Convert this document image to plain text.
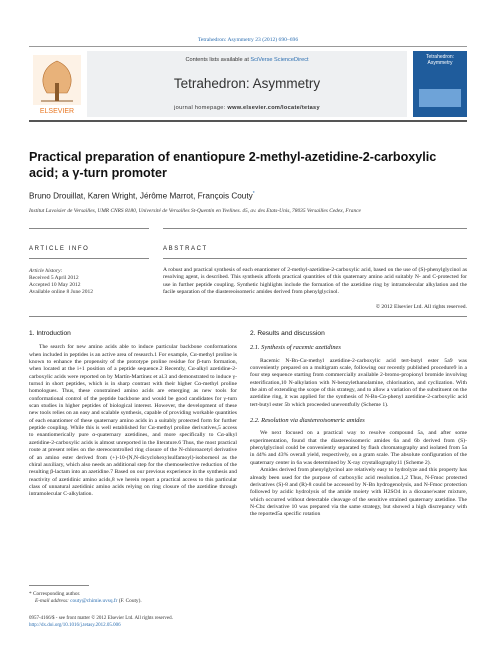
Tetrahedron: Asymmetry 23 (2012) 690–696
ELSEVIER
Contents lists available at SciVerse ScienceDirect
Tetrahedron: Asymmetry
journal homepage: www.elsevier.com/locate/tetasy
Tetrahedron: Asymmetry
Practical preparation of enantiopure 2-methyl-azetidine-2-carboxylic acid; a γ-turn promoter
Bruno Drouillat, Karen Wright, Jérôme Marrot, François Couty*
Institut Lavoisier de Versailles, UMR CNRS 8180, Université de Versailles St-Quentin en Yvelines. 45, av. des Etats-Unis, 78035 Versailles Cedex, France
ARTICLE INFO	ABSTRACT
Article history:
Received 5 April 2012
Accepted 10 May 2012
Available online 8 June 2012
A robust and practical synthesis of each enantiomer of 2-methyl-azetidine-2-carboxylic acid, based on the use of (S)-phenylglycinol as resolving agent, is described. This synthesis affords practical quantities of this quaternary amino acid suitably N- and C-protected for use in further peptide coupling. Synthetic highlights include the formation of the azetidine ring by intramolecular alkylation and the facile separation of the diastereoisomeric amides derived from phenylglycinol.
© 2012 Elsevier Ltd. All rights reserved.
1. Introduction

The search for new amino acids able to induce particular backbone conformations when included in peptides is an active area of research.1 For example, Cα-methyl proline is known to enhance the propensity of the prototype proline residue for β-turn formation, when located at the i+1 position of a peptide sequence.2 Recently, Cα-alkyl azetidine-2-carboxylic acids were reported on by Martín-Martínez et al.3 and demonstrated to induce γ-turns4 in short peptides, which is in sharp contrast with their higher Cα-methyl proline homologues. Thus, these constrained amino acids are emerging as new tools for conformational control of the peptide backbone and would be good candidates for γ-turn scan studies in higher peptides of biological interest. However, the development of these new tools relies on an easy and scalable synthesis, capable of providing workable quantities of each enantiomer of these quaternary amino acids in a suitably protected form for further peptide coupling. While this is well established for Cα-methyl proline derivatives,5 access to enantiomerically pure α-quaternary azetidines, and more specifically to Cα-alkyl azetidine-2-carboxylic acids is almost unreported in the literature.6 Thus, the most practical route at present relies on the stereocontrolled ring closure of the N-chloroacetyl derivative of an amino ester derived from (+)-10-(N,N-dicyclohexylsulfamoyl)-isoborneol as the chiral auxiliary, which also needs an additional step for the chemoselective reduction of the resulting β-lactam into an azetidine.7 Based on our previous experience in the synthesis and reactivity of azetidinic amino acids,8 we herein report a practical access to this particular class of unnatural azetidinic amino acids relying on ring closure of the azetidine through intramolecular C-alkylation.

2. Results and discussion
2.1. Synthesis of racemic azetidines

Racemic N-Bn-Cα-methyl azetidine-2-carboxylic acid tert-butyl ester 5a9 was conveniently prepared on a multigram scale, following our recently published procedure9 in a four step sequence starting from commercially available 2-bromo-propionyl bromide involving esterification,10 N-alkylation with N-benzylethanolamine, chlorination, and cyclization. With the aim of extending the scope of this strategy, and to allow a variation of the substituent on the azetidine ring, it was applied for the synthesis of N-Bn-Cα-phenyl azetidine-2-carboxylic acid tert-butyl ester 5b which proceeded uneventfully (Scheme 1).

2.2. Resolution via diastereoisomeric amides

We next focused on a practical way to resolve compound 5a, and after some experimentation, found that the diastereoisomeric amides 6a and 6b derived from (S)-phenylglycinol could be conveniently separated by flash chromatography and isolated from 5a in 44% and 43% overall yield, respectively, on a gram scale. The absolute configuration of the quaternary center in 6a was determined by X-ray crystallography11 (Scheme 2).

Amides derived from phenylglycinol are relatively easy to hydrolyze and this property has already been used for the purpose of carboxylic acid resolution.1,2 Thus, N-Fmoc protected derivatives (S)-8 and (R)-8 could be accessed by N-Bn hydrogenolysis, and N-Fmoc protection followed by acidic hydrolysis of the amide moiety with H2SO4 in a dioxane/water mixture, which occurred without detectable cleavage of the sensitive strained quaternary azetidine. The N-Cbz derivative 10 was prepared via the same strategy, but showed a high discrepancy with the reported5a specific rotation

* Corresponding author.
E-mail address: couty@chimie.uvsq.fr (F. Couty).
0957-4166/$ - see front matter © 2012 Elsevier Ltd. All rights reserved.
http://dx.doi.org/10.1016/j.tetasy.2012.05.006
